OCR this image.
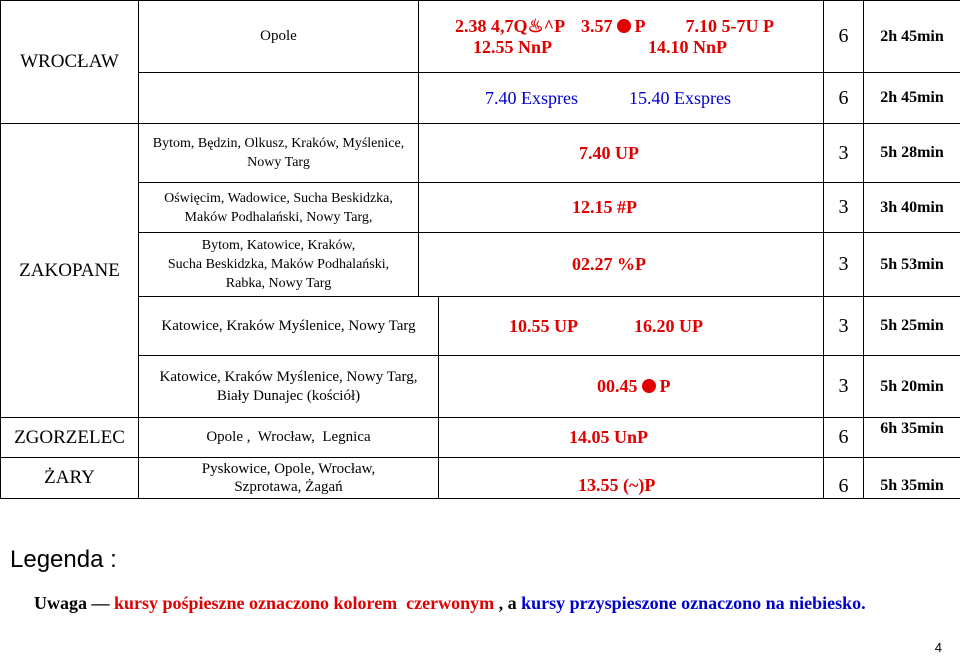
WROCŁAW	Opole	2.38 4,7Q♨^P 3.57 P 7.10 5-7U P
12.55 NnP 14.10 NnP		6	2h 45min
		7.40 Exspres 15.40 Exspres		6	2h 45min
ZAKOPANE	Bytom, Będzin, Olkusz, Kraków, Myślenice,
Nowy Targ	7.40 UP		3	5h 28min

	Oświęcim, Wadowice, Sucha Beskidzka,
Maków Podhalański, Nowy Targ,	12.15 #P		3	3h 40min

	Bytom, Katowice, Kraków,
Sucha Beskidzka, Maków Podhalański,
Rabka, Nowy Targ	02.27 %P		3	5h 53min
	Katowice, Kraków Myślenice, Nowy Targ		10.55 UP 16.20 UP	3	5h 25min

	Katowice, Kraków Myślenice, Nowy Targ,
Biały Dunajec (kościół)		00.45 P	3	5h 20min
ZGORZELEC	Opole ,  Wrocław,  Legnica		14.05 UnP	6	6h 35min
ŻARY	Pyskowice, Opole, Wrocław,
Szprotawa, Żagań		13.55 (~)P	6	5h 35min
Legenda :
Uwaga — kursy pośpieszne oznaczono kolorem  czerwonym , a kursy przyspieszone oznaczono na niebiesko.
4
